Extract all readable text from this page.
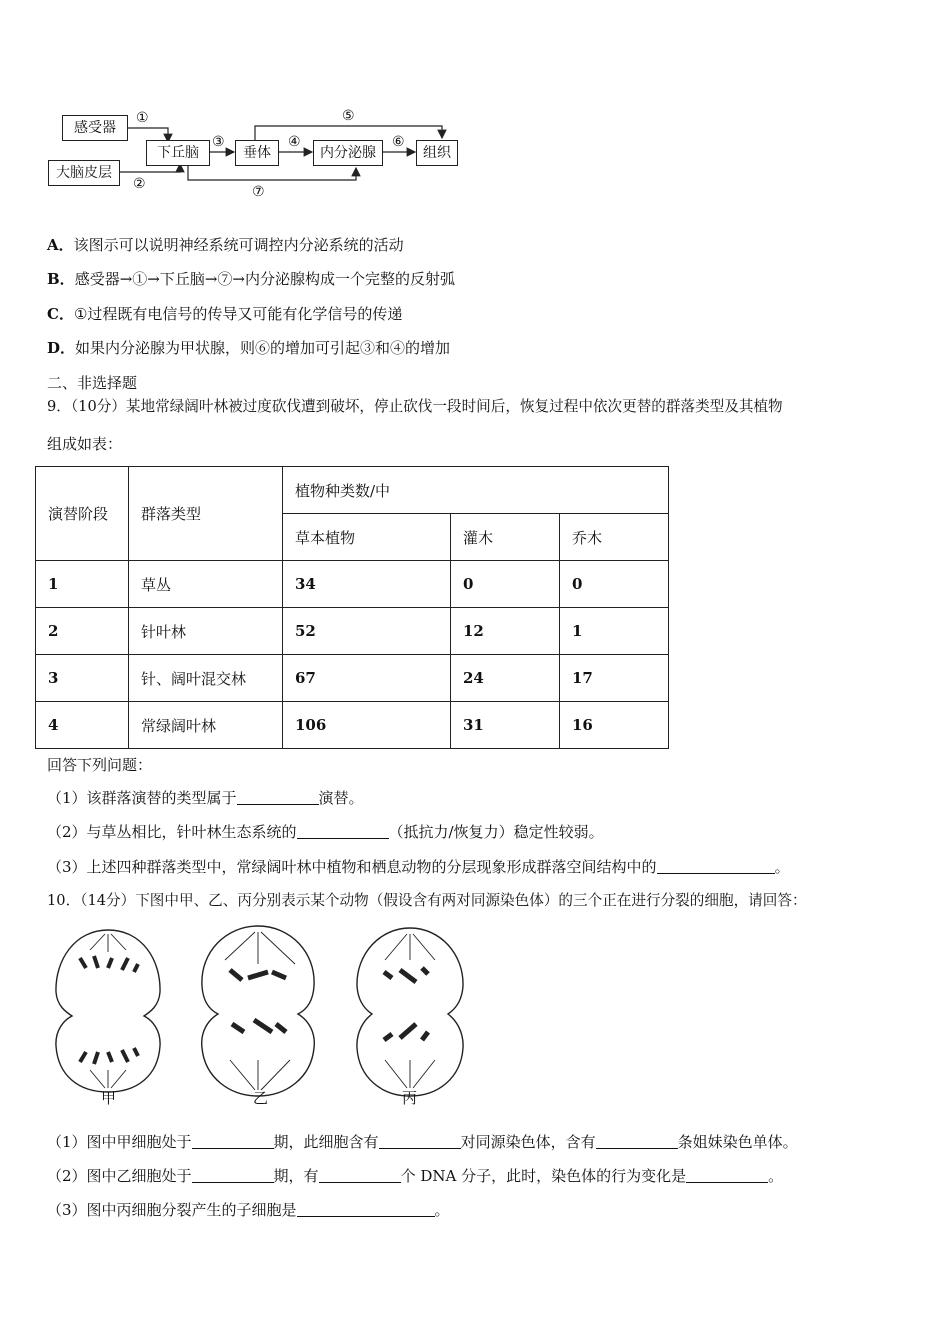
感受器
大脑皮层
下丘脑	垂体	内分泌腺	组织
①
②
③	④
⑤
⑥
⑦
A．该图示可以说明神经系统可调控内分泌系统的活动
B．感受器→①→下丘脑→⑦→内分泌腺构成一个完整的反射弧
C．①过程既有电信号的传导又可能有化学信号的传递
D．如果内分泌腺为甲状腺，则⑥的增加可引起③和④的增加
二、非选择题
9．（10分）某地常绿阔叶林被过度砍伐遭到破坏，停止砍伐一段时间后，恢复过程中依次更替的群落类型及其植物
组成如表：
演替阶段	群落类型	植物种类数/中		
		草本植物	灌木	乔木
1	草丛	34	0	0
2	针叶林	52	12	1
3	针、阔叶混交林	67	24	17
4	常绿阔叶林	106	31	16
回答下列问题：
（1）该群落演替的类型属于	演替。
（2）与草丛相比，针叶林生态系统的	（抵抗力/恢复力）稳定性较弱。
（3）上述四种群落类型中，常绿阔叶林中植物和栖息动物的分层现象形成群落空间结构中的	。
10．（14分）下图中甲、乙、丙分别表示某个动物（假设含有两对同源染色体）的三个正在进行分裂的细胞，请回答：
甲	乙	丙
（1）图中甲细胞处于	期，此细胞含有	对同源染色体，含有	条姐妹染色单体。
（2）图中乙细胞处于	期，有	个 DNA 分子，此时，染色体的行为变化是	。
（3）图中丙细胞分裂产生的子细胞是	。
